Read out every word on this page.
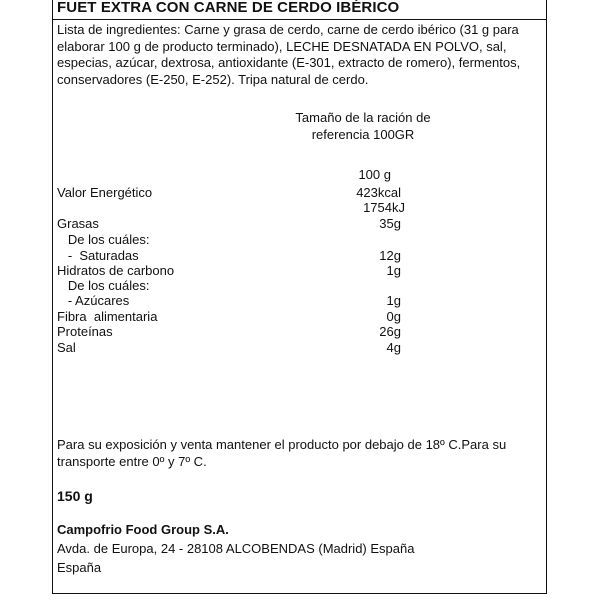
FUET EXTRA CON CARNE DE CERDO IBÉRICO
Lista de ingredientes: Carne y grasa de cerdo, carne de cerdo ibérico (31 g para
elaborar 100 g de producto terminado), LECHE DESNATADA EN POLVO, sal,
especias, azúcar, dextrosa, antioxidante (E-301, extracto de romero), fermentos,
conservadores (E-250, E-252). Tripa natural de cerdo.
Tamaño de la ración de
referencia 100GR
100 g
Valor Energético	423kcal
1754kJ
Grasas	35g
De los cuáles:
-  Saturadas	12g
Hidratos de carbono	1g
De los cuáles:
- Azúcares	1g
Fibra  alimentaria	0g
Proteínas	26g
Sal	4g
Para su exposición y venta mantener el producto por debajo de 18º C.Para su
transporte entre 0º y 7º C.
150 g
Campofrio Food Group S.A.
Avda. de Europa, 24 - 28108 ALCOBENDAS (Madrid) España
España
